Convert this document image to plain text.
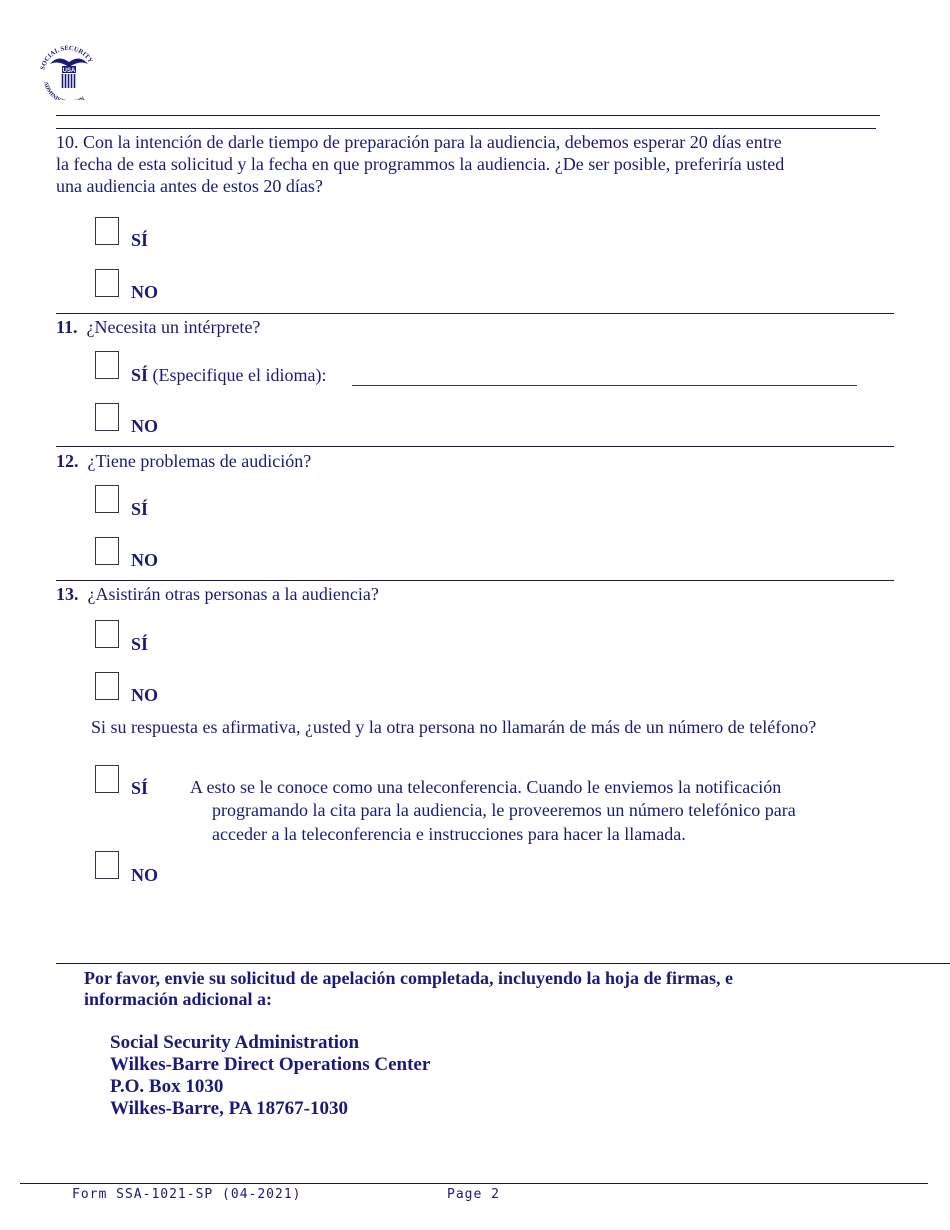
SOCIAL SECURITY
ADMINI N
USA
10. Con la intención de darle tiempo de preparación para la audiencia, debemos esperar 20 días entre
la fecha de esta solicitud y la fecha en que programmos la audiencia. ¿De ser posible, preferiría usted
una audiencia antes de estos 20 días?
SÍ
NO
11. ¿Necesita un intérprete?
SÍ (Especifique el idioma):
NO
12. ¿Tiene problemas de audición?
SÍ
NO
13. ¿Asistirán otras personas a la audiencia?
SÍ
NO
Si su respuesta es afirmativa, ¿usted y la otra persona no llamarán de más de un número de teléfono?
SÍ A esto se le conoce como una teleconferencia. Cuando le enviemos la notificación
programando la cita para la audiencia, le proveeremos un número telefónico para
acceder a la teleconferencia e instrucciones para hacer la llamada.
NO
Por favor, envie su solicitud de apelación completada, incluyendo la hoja de firmas, e
información adicional a:
Social Security Administration
Wilkes-Barre Direct Operations Center
P.O. Box 1030
Wilkes-Barre, PA 18767-1030
Form SSA-1021-SP (04-2021)	Page 2
